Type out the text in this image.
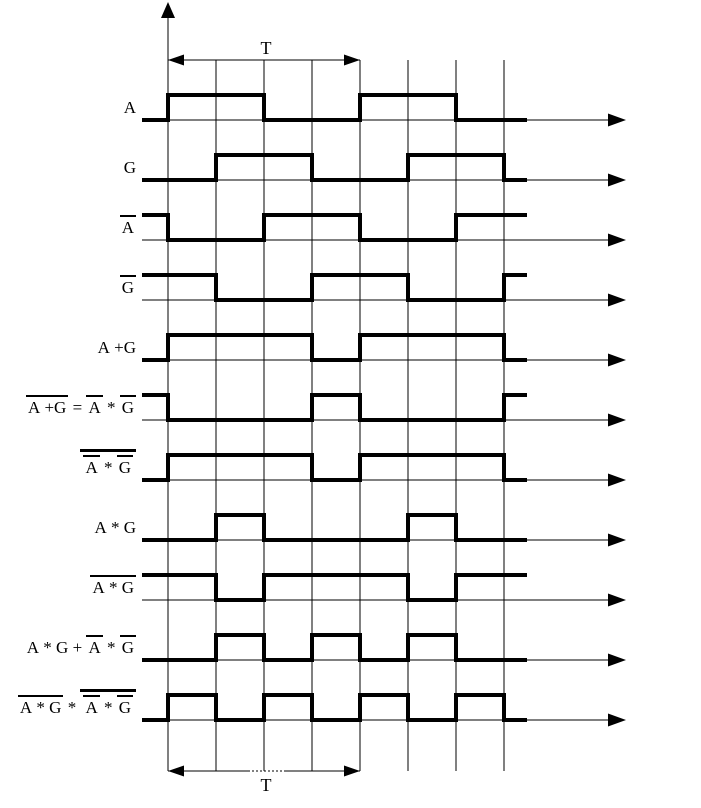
A
G
A
G
A +G
A +G = A * G
A * G
A * G
A * G
A * G + A * G
A * G * A * G
T
T
